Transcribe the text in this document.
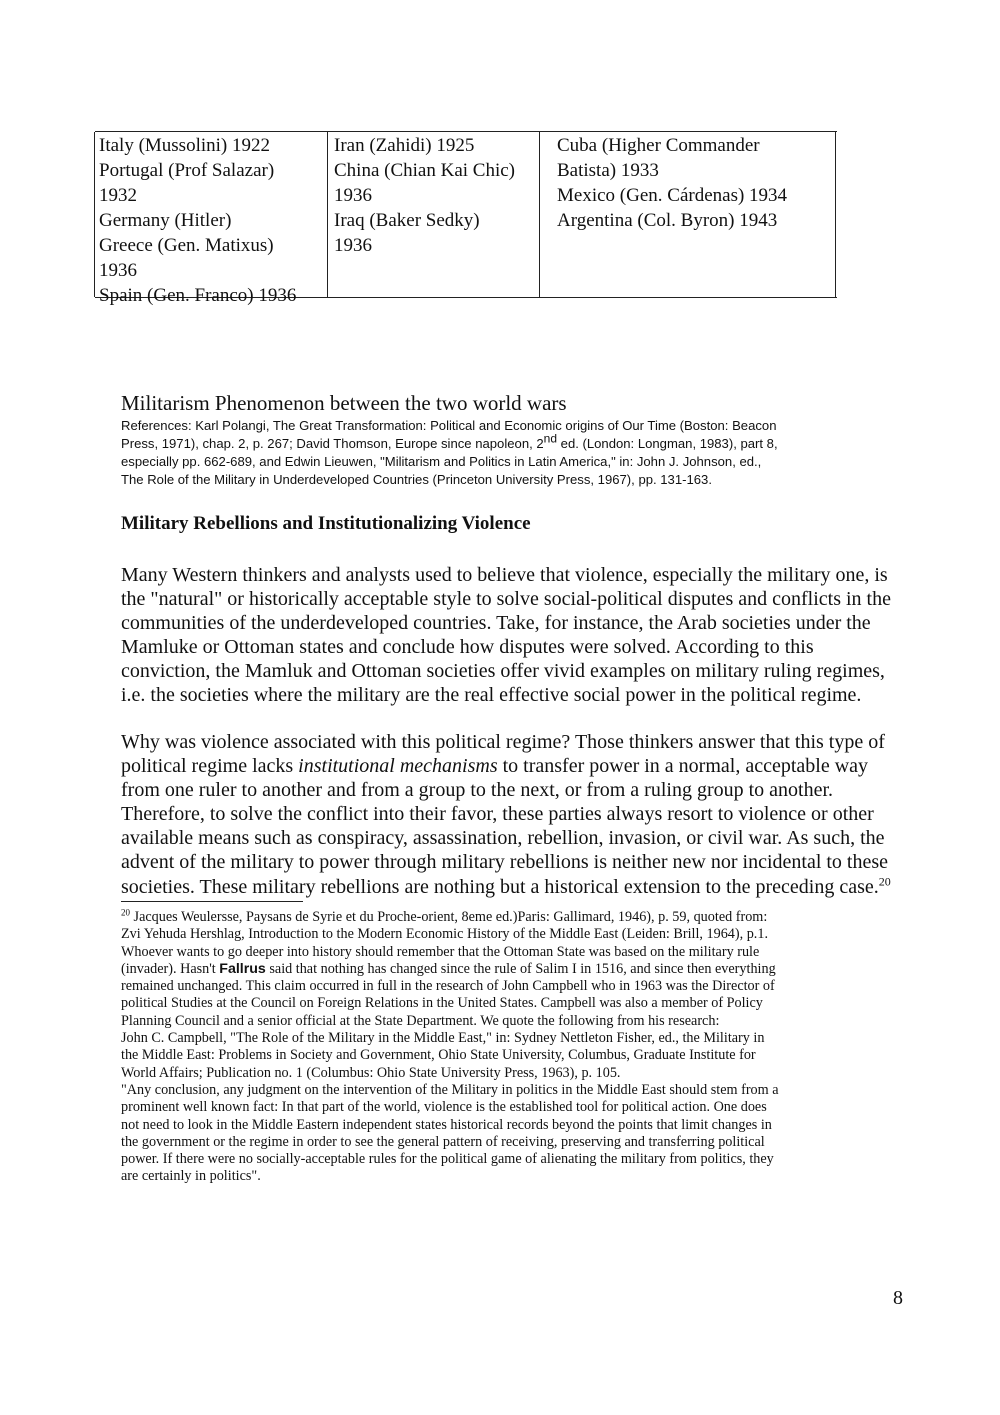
Italy (Mussolini) 1922
Portugal (Prof Salazar)
1932
Germany (Hitler)
Greece (Gen. Matixus)
1936
Spain (Gen. Franco) 1936
Iran (Zahidi) 1925
China (Chian Kai Chic)
1936
Iraq (Baker Sedky)
1936
Cuba (Higher Commander
Batista) 1933
Mexico (Gen. Cárdenas) 1934
Argentina (Col. Byron) 1943
Militarism Phenomenon between the two world wars
References: Karl Polangi, The Great Transformation: Political and Economic origins of Our Time (Boston: Beacon
Press, 1971), chap. 2, p. 267; David Thomson, Europe since napoleon, 2nd ed. (London: Longman, 1983), part 8,
especially pp. 662-689, and Edwin Lieuwen, "Militarism and Politics in Latin America," in: John J. Johnson, ed.,
The Role of the Military in Underdeveloped Countries (Princeton University Press, 1967), pp. 131-163.
Military Rebellions and Institutionalizing Violence
Many Western thinkers and analysts used to believe that violence, especially the military one, is
the "natural" or historically acceptable style to solve social-political disputes and conflicts in the
communities of the underdeveloped countries. Take, for instance, the Arab societies under the
Mamluke or Ottoman states and conclude how disputes were solved. According to this
conviction, the Mamluk and Ottoman societies offer vivid examples on military ruling regimes,
i.e. the societies where the military are the real effective social power in the political regime.
Why was violence associated with this political regime? Those thinkers answer that this type of
political regime lacks institutional mechanisms to transfer power in a normal, acceptable way
from one ruler to another and from a group to the next, or from a ruling group to another.
Therefore, to solve the conflict into their favor, these parties always resort to violence or other
available means such as conspiracy, assassination, rebellion, invasion, or civil war. As such, the
advent of the military to power through military rebellions is neither new nor incidental to these
societies. These military rebellions are nothing but a historical extension to the preceding case.$^{20}$
$^{20}$ Jacques Weulersse, Paysans de Syrie et du Proche-orient, 8eme ed.)Paris: Gallimard, 1946), p. 59, quoted from:
Zvi Yehuda Hershlag, Introduction to the Modern Economic History of the Middle East (Leiden: Brill, 1964), p.1.
Whoever wants to go deeper into history should remember that the Ottoman State was based on the military rule
(invader). Hasn't Fallrus said that nothing has changed since the rule of Salim I in 1516, and since then everything
remained unchanged. This claim occurred in full in the research of John Campbell who in 1963 was the Director of
political Studies at the Council on Foreign Relations in the United States. Campbell was also a member of Policy
Planning Council and a senior official at the State Department. We quote the following from his research:
John C. Campbell, "The Role of the Military in the Middle East," in: Sydney Nettleton Fisher, ed., the Military in
the Middle East: Problems in Society and Government, Ohio State University, Columbus, Graduate Institute for
World Affairs; Publication no. 1 (Columbus: Ohio State University Press, 1963), p. 105.
"Any conclusion, any judgment on the intervention of the Military in politics in the Middle East should stem from a
prominent well known fact: In that part of the world, violence is the established tool for political action. One does
not need to look in the Middle Eastern independent states historical records beyond the points that limit changes in
the government or the regime in order to see the general pattern of receiving, preserving and transferring political
power. If there were no socially-acceptable rules for the political game of alienating the military from politics, they
are certainly in politics".
8
